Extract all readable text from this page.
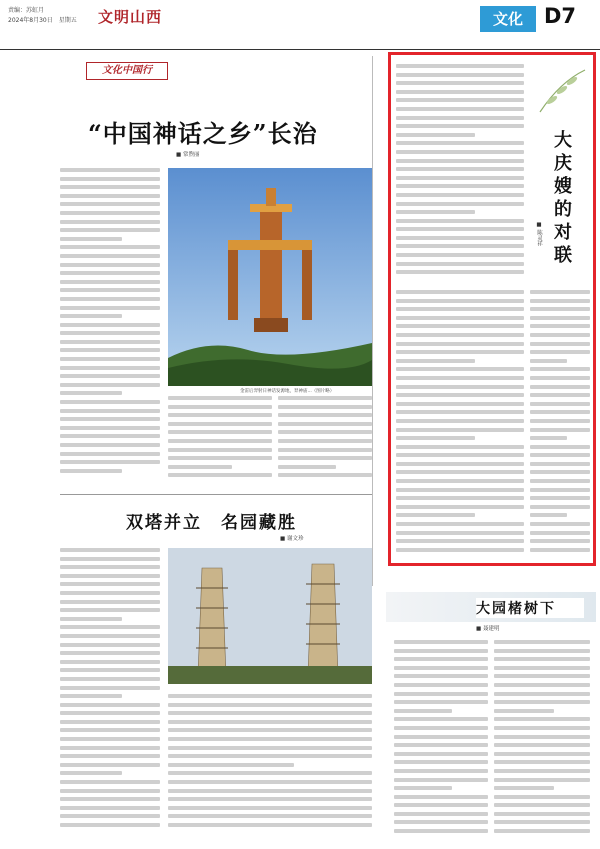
责编：苏虹月
2024年8月30日　星期五 文明山西	文化	D7
文化中国行
“中国神话之乡”长治
■ 常煦丽
金雷后羿射日神话发源地，羿神庙...（图片略）
双塔并立　名园藏胜
■ 谢文珍
大庆嫂的对联
■ 陈灵祥
大园楮树下
■ 聂建明
